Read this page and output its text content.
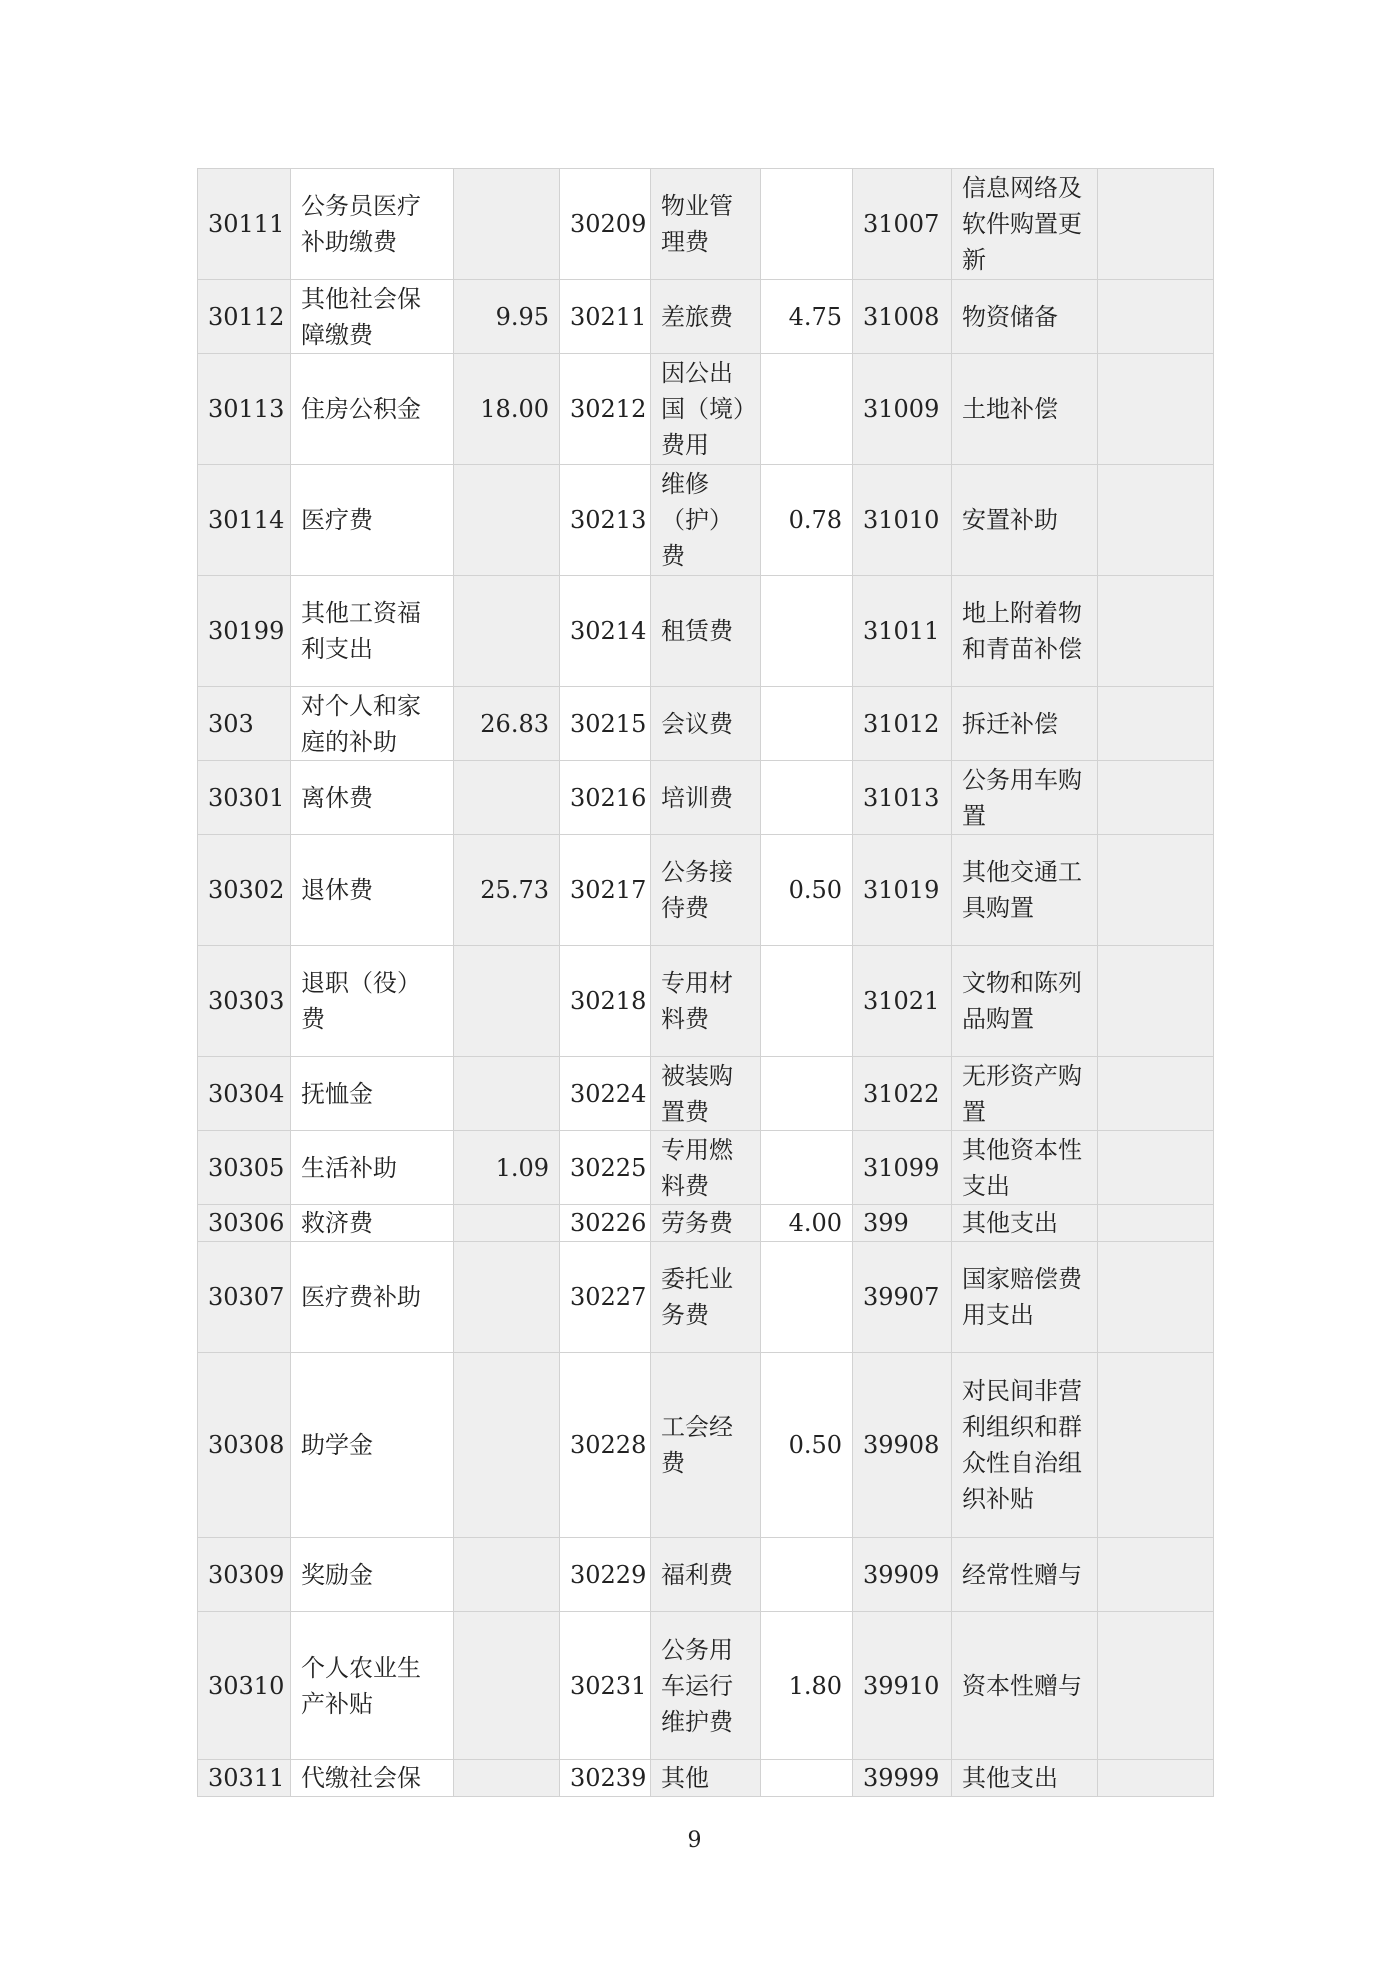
30111	公务员医疗补助缴费		30209	物业管理费		31007	信息网络及软件购置更新	
30112	其他社会保障缴费	9.95	30211	差旅费	4.75	31008	物资储备	
30113	住房公积金	18.00	30212	因公出国（境）费用		31009	土地补偿	
30114	医疗费		30213	维修（护）费	0.78	31010	安置补助	
30199	其他工资福利支出		30214	租赁费		31011	地上附着物和青苗补偿	
303	对个人和家庭的补助	26.83	30215	会议费		31012	拆迁补偿	
30301	离休费		30216	培训费		31013	公务用车购置	
30302	退休费	25.73	30217	公务接待费	0.50	31019	其他交通工具购置	
30303	退职（役）费		30218	专用材料费		31021	文物和陈列品购置	
30304	抚恤金		30224	被装购置费		31022	无形资产购置	
30305	生活补助	1.09	30225	专用燃料费		31099	其他资本性支出	
30306	救济费		30226	劳务费	4.00	399	其他支出	
30307	医疗费补助		30227	委托业务费		39907	国家赔偿费用支出	
30308	助学金		30228	工会经费	0.50	39908	对民间非营利组织和群众性自治组织补贴	
30309	奖励金		30229	福利费		39909	经常性赠与	
30310	个人农业生产补贴		30231	公务用车运行维护费	1.80	39910	资本性赠与	
30311	代缴社会保		30239	其他		39999	其他支出	
9
